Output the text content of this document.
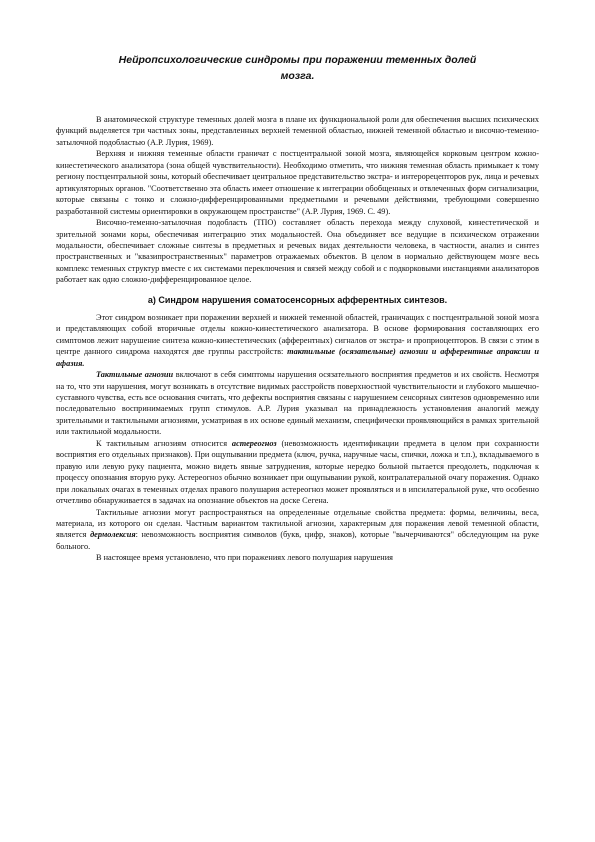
Нейропсихологические синдромы при поражении теменных долей
мозга.

В анатомической структуре теменных долей мозга в плане их функциональной роли для обеспечения высших психических функций выделяется три частных зоны, представленных верхней теменной областью, нижней теменной областью и височно-теменно-затылочной подобластью (А.Р. Лурия, 1969).

Верхняя и нижняя теменные области граничат с постцентральной зоной мозга, являющейся корковым центром кожно-кинестетического анализатора (зона общей чувствительности). Необходимо отметить, что нижняя теменная область примыкает к тому региону постцентральной зоны, который обеспечивает центральное представительство экстра- и интерорецепторов рук, лица и речевых артикуляторных органов. "Соответственно эта область имеет отношение к интеграции обобщенных и отвлеченных форм сигнализации, которые связаны с тонко и сложно-дифференцированными предметными и речевыми действиями, требующими совершенно разработанной системы ориентировки в окружающем пространстве" (А.Р. Лурия, 1969. С. 49).

Височно-теменно-затылочная подобласть (ТПО) составляет область перехода между слуховой, кинестетической и зрительной зонами коры, обеспечивая интеграцию этих модальностей. Она объединяет все ведущие в психическом отражении модальности, обеспечивает сложные синтезы в предметных и речевых видах деятельности человека, в частности, анализ и синтез пространственных и "квазипространственных" параметров отражаемых объектов. В целом в нормально действующем мозге весь комплекс теменных структур вместе с их системами переключения и связей между собой и с подкорковыми инстанциями анализаторов работает как одно сложно-дифференцированное целое.

а) Синдром нарушения соматосенсорных афферентных синтезов.

Этот синдром возникает при поражении верхней и нижней теменной областей, граничащих с постцентральной зоной мозга и представляющих собой вторичные отделы кожно-кинестетического анализатора. В основе формирования составляющих его симптомов лежит нарушение синтеза кожно-кинестетических (афферентных) сигналов от экстра- и проприоцепторов. В связи с этим в центре данного синдрома находятся две группы расстройств: тактильные (осязательные) агнозии и афферентные апраксии и афазия.

Тактильные агнозии включают в себя симптомы нарушения осязательного восприятия предметов и их свойств. Несмотря на то, что эти нарушения, могут возникать в отсутствие видимых расстройств поверхностной чувствительности и глубокого мышечно-суставного чувства, есть все основания считать, что дефекты восприятия связаны с нарушением сенсорных синтезов одновременно или последовательно воспринимаемых групп стимулов. А.Р. Лурия указывал на принадлежность установления аналогий между зрительными и тактильными агнозиями, усматривая в их основе единый механизм, специфически проявляющийся в рамках зрительной или тактильной модальности.

К тактильным агнозиям относится астереогноз (невозможность идентификации предмета в целом при сохранности восприятия его отдельных признаков). При ощупывании предмета (ключ, ручка, наручные часы, спички, ложка и т.п.), вкладываемого в правую или левую руку пациента, можно видеть явные затруднения, которые нередко больной пытается преодолеть, подключая к процессу опознания вторую руку. Астереогноз обычно возникает при ощупывании рукой, контралатеральной очагу поражения. Однако при локальных очагах в теменных отделах правого полушария астереогноз может проявляться и в ипсилатеральной руке, что особенно отчетливо обнаруживается в задачах на опознание объектов на доске Сегена.

Тактильные агнозии могут распространяться на определенные отдельные свойства предмета: формы, величины, веса, материала, из которого он сделан. Частным вариантом тактильной агнозии, характерным для поражения левой теменной области, является дермолексия: невозможность восприятия символов (букв, цифр, знаков), которые "вычерчиваются" обследующим на руке больного.

В настоящее время установлено, что при поражениях левого полушария нарушения
